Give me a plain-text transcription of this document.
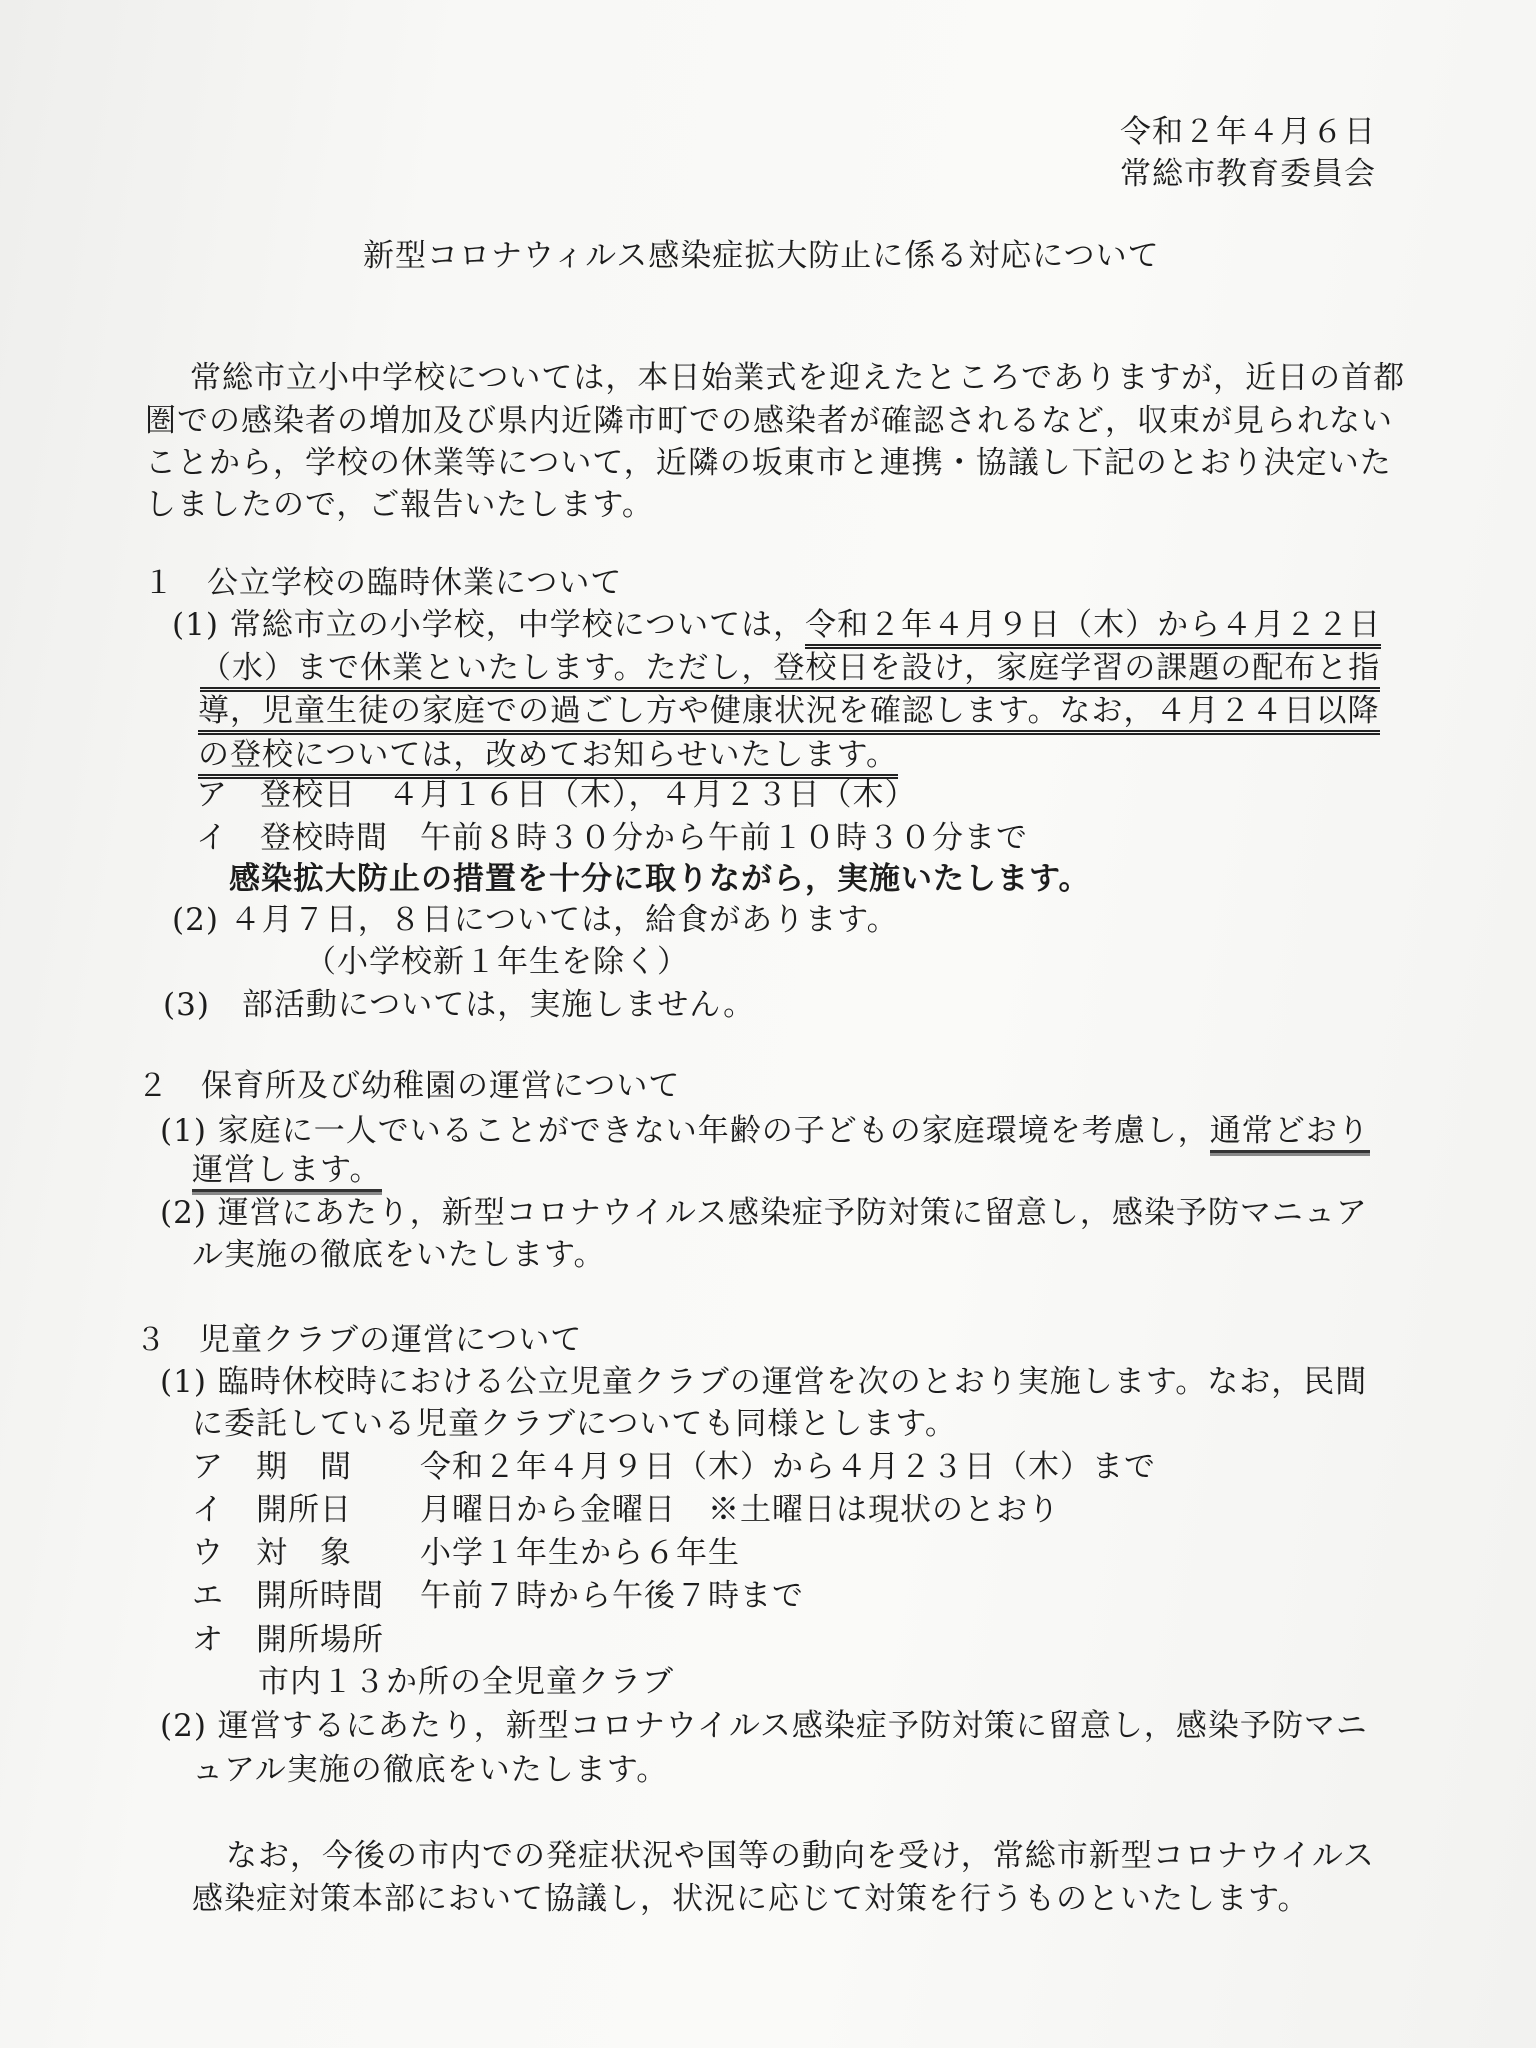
令和２年４月６日
常総市教育委員会
新型コロナウィルス感染症拡大防止に係る対応について
常総市立小中学校については，本日始業式を迎えたところでありますが，近日の首都
圏での感染者の増加及び県内近隣市町での感染者が確認されるなど，収束が見られない
ことから，学校の休業等について，近隣の坂東市と連携・協議し下記のとおり決定いた
しましたので，ご報告いたします。
１　公立学校の臨時休業について
(1) 常総市立の小学校，中学校については，令和２年４月９日（木）から４月２２日
（水）まで休業といたします。ただし，登校日を設け，家庭学習の課題の配布と指
導，児童生徒の家庭での過ごし方や健康状況を確認します。なお，４月２４日以降
の登校については，改めてお知らせいたします。
ア　登校日　４月１６日（木），４月２３日（木）
イ　登校時間　午前８時３０分から午前１０時３０分まで
感染拡大防止の措置を十分に取りながら，実施いたします。
(2) ４月７日，８日については，給食があります。
（小学校新１年生を除く）
(3)　部活動については，実施しません。
２　保育所及び幼稚園の運営について
(1) 家庭に一人でいることができない年齢の子どもの家庭環境を考慮し，通常どおり
運営します。
(2) 運営にあたり，新型コロナウイルス感染症予防対策に留意し，感染予防マニュア
ル実施の徹底をいたします。
３　児童クラブの運営について
(1) 臨時休校時における公立児童クラブの運営を次のとおり実施します。なお，民間
に委託している児童クラブについても同様とします。
ア　期　間 令和２年４月９日（木）から４月２３日（木）まで
イ　開所日 月曜日から金曜日　※土曜日は現状のとおり
ウ　対　象 小学１年生から６年生
エ　開所時間 午前７時から午後７時まで
オ　開所場所
市内１３か所の全児童クラブ
(2) 運営するにあたり，新型コロナウイルス感染症予防対策に留意し，感染予防マニ
ュアル実施の徹底をいたします。
なお，今後の市内での発症状況や国等の動向を受け，常総市新型コロナウイルス
感染症対策本部において協議し，状況に応じて対策を行うものといたします。
